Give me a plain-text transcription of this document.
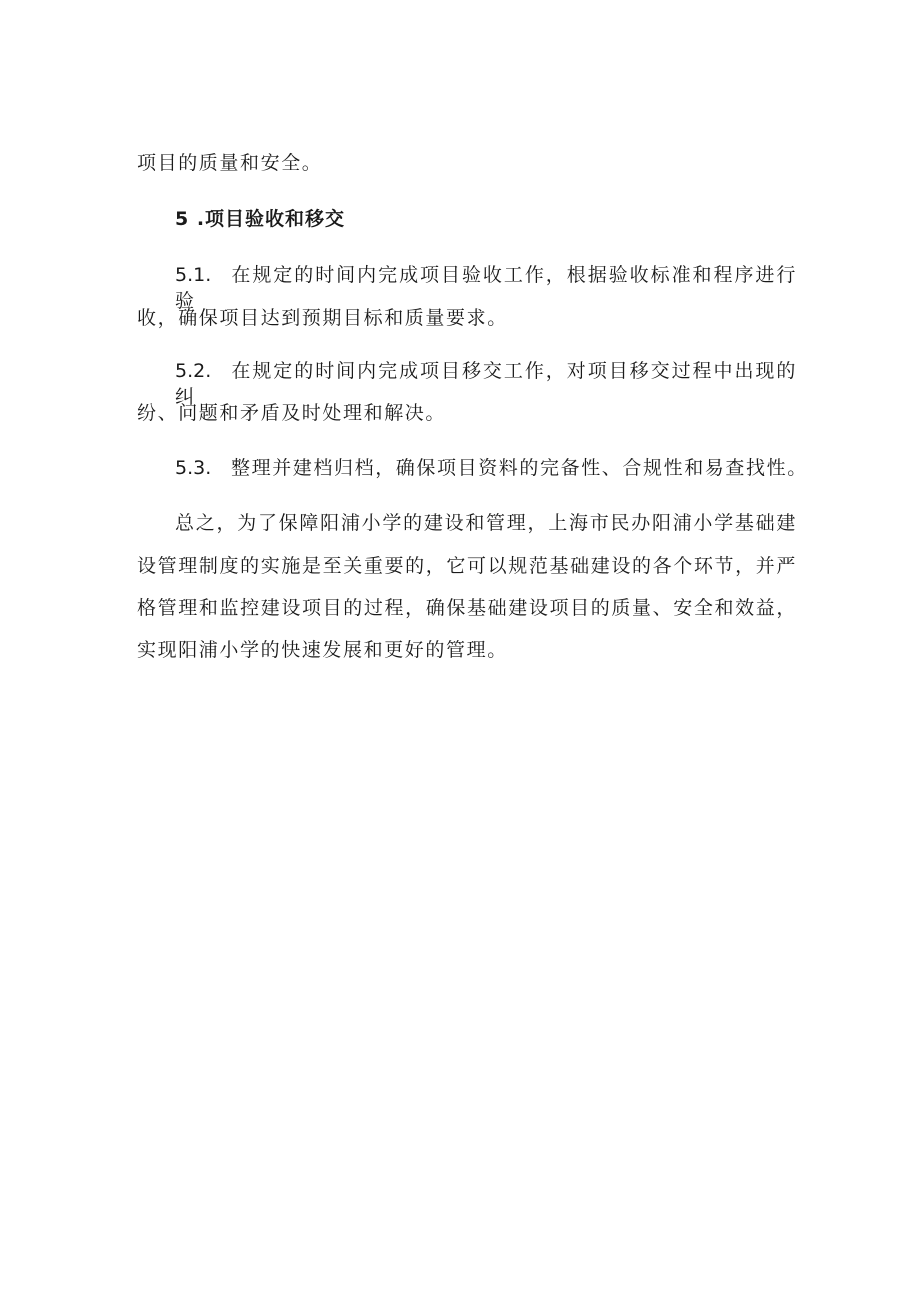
项目的质量和安全。
5 .项目验收和移交
5.1. 在规定的时间内完成项目验收工作，根据验收标准和程序进行验
收，确保项目达到预期目标和质量要求。
5.2. 在规定的时间内完成项目移交工作，对项目移交过程中出现的纠
纷、问题和矛盾及时处理和解决。
5.3. 整理并建档归档，确保项目资料的完备性、合规性和易查找性。
总之，为了保障阳浦小学的建设和管理，上海市民办阳浦小学基础建
设管理制度的实施是至关重要的，它可以规范基础建设的各个环节，并严
格管理和监控建设项目的过程，确保基础建设项目的质量、安全和效益，
实现阳浦小学的快速发展和更好的管理。
